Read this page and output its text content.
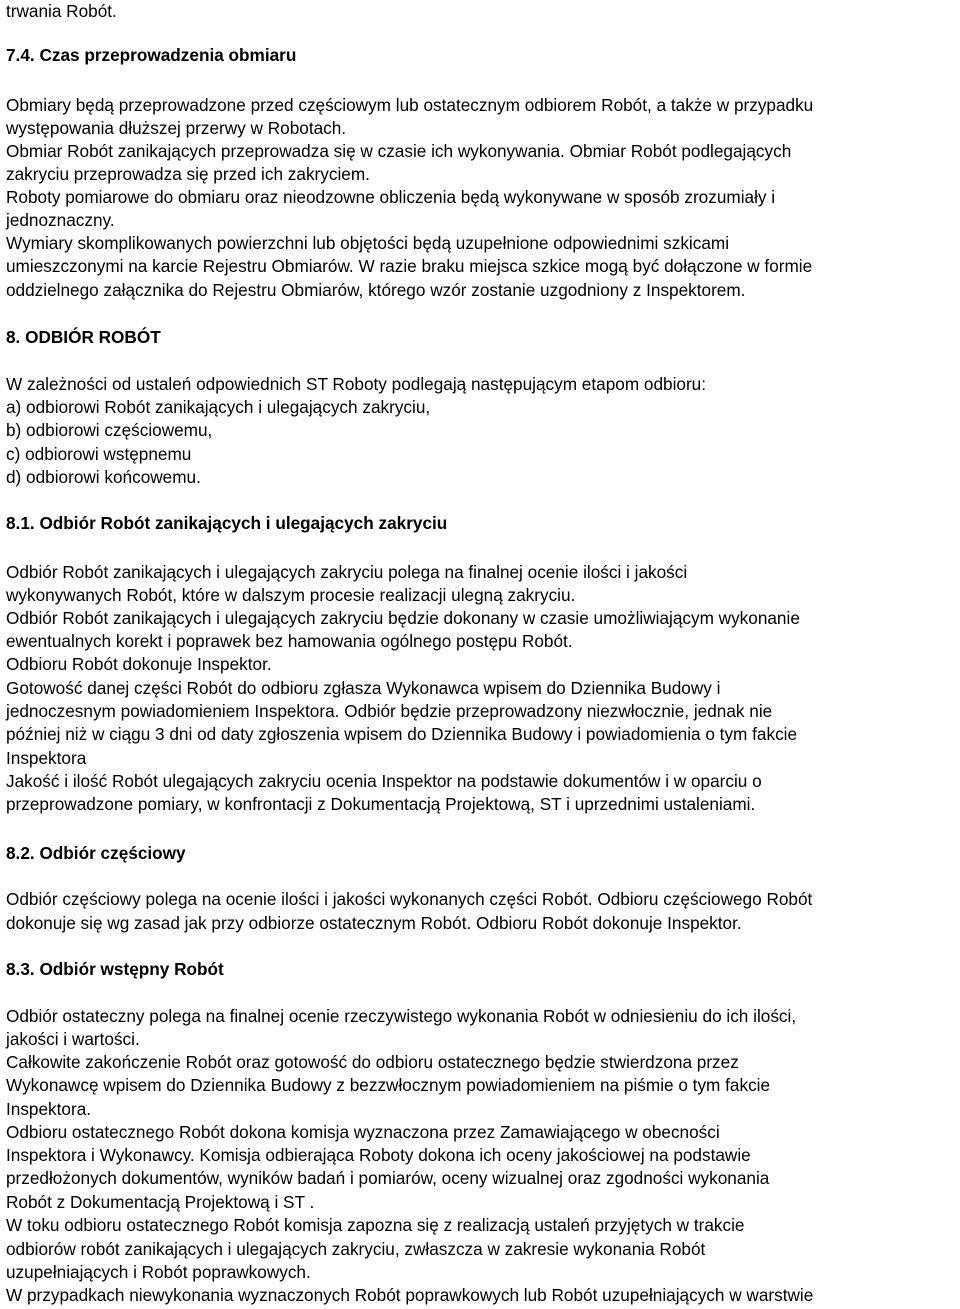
trwania Robót.
7.4. Czas przeprowadzenia obmiaru
Obmiary będą przeprowadzone przed częściowym lub ostatecznym odbiorem Robót, a także w przypadku
występowania dłuższej przerwy w Robotach.
Obmiar Robót zanikających przeprowadza się w czasie ich wykonywania. Obmiar Robót podlegających
zakryciu przeprowadza się przed ich zakryciem.
Roboty pomiarowe do obmiaru oraz nieodzowne obliczenia będą wykonywane w sposób zrozumiały i
jednoznaczny.
Wymiary skomplikowanych powierzchni lub objętości będą uzupełnione odpowiednimi szkicami
umieszczonymi na karcie Rejestru Obmiarów. W razie braku miejsca szkice mogą być dołączone w formie
oddzielnego załącznika do Rejestru Obmiarów, którego wzór zostanie uzgodniony z Inspektorem.
8. ODBIÓR ROBÓT
W zależności od ustaleń odpowiednich ST Roboty podlegają następującym etapom odbioru:
a) odbiorowi Robót zanikających i ulegających zakryciu,
b) odbiorowi częściowemu,
c) odbiorowi wstępnemu
d) odbiorowi końcowemu.
8.1. Odbiór Robót zanikających i ulegających zakryciu
Odbiór Robót zanikających i ulegających zakryciu polega na finalnej ocenie ilości i jakości
wykonywanych Robót, które w dalszym procesie realizacji ulegną zakryciu.
Odbiór Robót zanikających i ulegających zakryciu będzie dokonany w czasie umożliwiającym wykonanie
ewentualnych korekt i poprawek bez hamowania ogólnego postępu Robót.
Odbioru Robót dokonuje Inspektor.
Gotowość danej części Robót do odbioru zgłasza Wykonawca wpisem do Dziennika Budowy i
jednoczesnym powiadomieniem Inspektora. Odbiór będzie przeprowadzony niezwłocznie, jednak nie
później niż w ciągu 3 dni od daty zgłoszenia wpisem do Dziennika Budowy i powiadomienia o tym fakcie
Inspektora
Jakość i ilość Robót ulegających zakryciu ocenia Inspektor na podstawie dokumentów i w oparciu o
przeprowadzone pomiary, w konfrontacji z Dokumentacją Projektową, ST i uprzednimi ustaleniami.
8.2. Odbiór częściowy
Odbiór częściowy polega na ocenie ilości i jakości wykonanych części Robót. Odbioru częściowego Robót
dokonuje się wg zasad jak przy odbiorze ostatecznym Robót. Odbioru Robót dokonuje Inspektor.
8.3. Odbiór wstępny Robót
Odbiór ostateczny polega na finalnej ocenie rzeczywistego wykonania Robót w odniesieniu do ich ilości,
jakości i wartości.
Całkowite zakończenie Robót oraz gotowość do odbioru ostatecznego będzie stwierdzona przez
Wykonawcę wpisem do Dziennika Budowy z bezzwłocznym powiadomieniem na piśmie o tym fakcie
Inspektora.
Odbioru ostatecznego Robót dokona komisja wyznaczona przez Zamawiającego w obecności
Inspektora i Wykonawcy. Komisja odbierająca Roboty dokona ich oceny jakościowej na podstawie
przedłożonych dokumentów, wyników badań i pomiarów, oceny wizualnej oraz zgodności wykonania
Robót z Dokumentacją Projektową i ST .
W toku odbioru ostatecznego Robót komisja zapozna się z realizacją ustaleń przyjętych w trakcie
odbiorów robót zanikających i ulegających zakryciu, zwłaszcza w zakresie wykonania Robót
uzupełniających i Robót poprawkowych.
W przypadkach niewykonania wyznaczonych Robót poprawkowych lub Robót uzupełniających w warstwie
